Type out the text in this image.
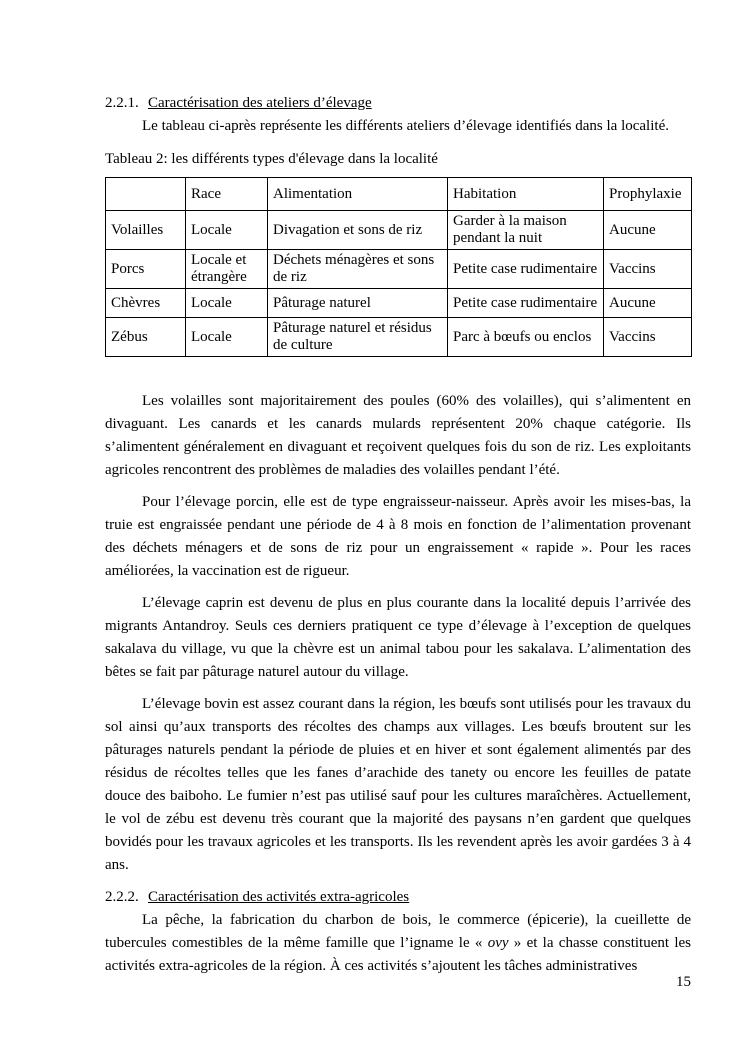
2.2.1. Caractérisation des ateliers d’élevage

Le tableau ci-après représente les différents ateliers d’élevage identifiés dans la localité.

Tableau 2: les différents types d'élevage dans la localité

	Race	Alimentation	Habitation	Prophylaxie
Volailles	Locale	Divagation et sons de riz	Garder à la maison pendant la nuit	Aucune
Porcs	Locale et étrangère	Déchets ménagères et sons de riz	Petite case rudimentaire	Vaccins
Chèvres	Locale	Pâturage naturel	Petite case rudimentaire	Aucune
Zébus	Locale	Pâturage naturel et résidus de culture	Parc à bœufs ou enclos	Vaccins

Les volailles sont majoritairement des poules (60% des volailles), qui s’alimentent en divaguant. Les canards et les canards mulards représentent 20% chaque catégorie. Ils s’alimentent généralement en divaguant et reçoivent quelques fois du son de riz. Les exploitants agricoles rencontrent des problèmes de maladies des volailles pendant l’été.

Pour l’élevage porcin, elle est de type engraisseur-naisseur. Après avoir les mises-bas, la truie est engraissée pendant une période de 4 à 8 mois en fonction de l’alimentation provenant des déchets ménagers et de sons de riz pour un engraissement « rapide ». Pour les races améliorées, la vaccination est de rigueur.

L’élevage caprin est devenu de plus en plus courante dans la localité depuis l’arrivée des migrants Antandroy. Seuls ces derniers pratiquent ce type d’élevage à l’exception de quelques sakalava du village, vu que la chèvre est un animal tabou pour les sakalava. L’alimentation des bêtes se fait par pâturage naturel autour du village.

L’élevage bovin est assez courant dans la région, les bœufs sont utilisés pour les travaux du sol ainsi qu’aux transports des récoltes des champs aux villages. Les bœufs broutent sur les pâturages naturels pendant la période de pluies et en hiver et sont également alimentés par des résidus de récoltes telles que les fanes d’arachide des tanety ou encore les feuilles de patate douce des baiboho. Le fumier n’est pas utilisé sauf pour les cultures maraîchères. Actuellement, le vol de zébu est devenu très courant que la majorité des paysans n’en gardent que quelques bovidés pour les travaux agricoles et les transports. Ils les revendent après les avoir gardées 3 à 4 ans.

2.2.2. Caractérisation des activités extra-agricoles

La pêche, la fabrication du charbon de bois, le commerce (épicerie), la cueillette de tubercules comestibles de la même famille que l’igname le « ovy » et la chasse constituent les activités extra-agricoles de la région. À ces activités s’ajoutent les tâches administratives

15
